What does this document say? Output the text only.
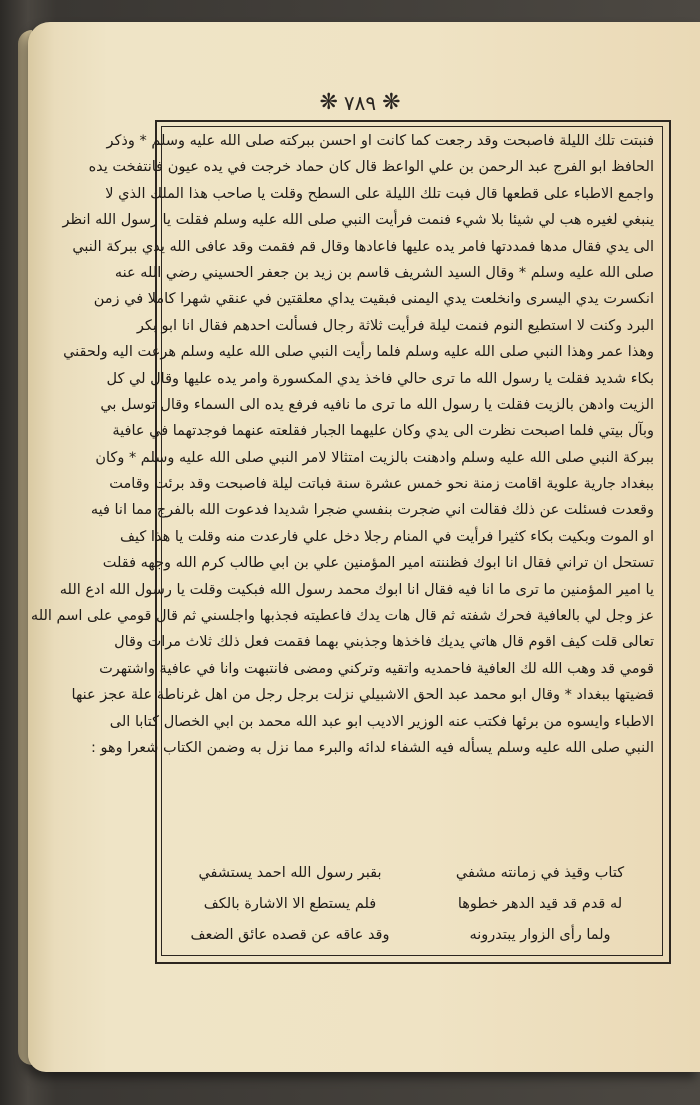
❋ ٧٨٩ ❋
فنبتت تلك الليلة فاصبحت وقد رجعت كما كانت او احسن ببركته صلى الله عليه وسلم * وذكر
الحافظ ابو الفرج عبد الرحمن بن علي الواعظ قال كان حماد خرجت في يده عيون فانتفخت يده
واجمع الاطباء على قطعها قال فبت تلك الليلة على السطح وقلت يا صاحب هذا الملك الذي لا
ينبغي لغيره هب لي شيئا بلا شيء فنمت فرأيت النبي صلى الله عليه وسلم فقلت يا رسول الله انظر
الى يدي فقال مدها فمددتها فامر يده عليها فاعادها وقال قم فقمت وقد عافى الله يدي ببركة النبي
صلى الله عليه وسلم * وقال السيد الشريف قاسم بن زيد بن جعفر الحسيني رضي الله عنه
انكسرت يدي اليسرى وانخلعت يدي اليمنى فبقيت يداي معلقتين في عنقي شهرا كاملا في زمن
البرد وكنت لا استطيع النوم فنمت ليلة فرأيت ثلاثة رجال فسألت احدهم فقال انا ابو بكر
وهذا عمر وهذا النبي صلى الله عليه وسلم فلما رأيت النبي صلى الله عليه وسلم هرعت اليه ولحقني
بكاء شديد فقلت يا رسول الله ما ترى حالي فاخذ يدي المكسورة وامر يده عليها وقال لي كل
الزيت وادهن بالزيت فقلت يا رسول الله ما ترى ما نافيه فرفع يده الى السماء وقال توسل بي
وبآل بيتي فلما اصبحت نظرت الى يدي وكان عليهما الجبار فقلعته عنهما فوجدتهما في عافية
ببركة النبي صلى الله عليه وسلم وادهنت بالزيت امتثالا لامر النبي صلى الله عليه وسلم * وكان
ببغداد جارية علوية اقامت زمنة نحو خمس عشرة سنة فباتت ليلة فاصبحت وقد برئت وقامت
وقعدت فسئلت عن ذلك فقالت اني ضجرت بنفسي ضجرا شديدا فدعوت الله بالفرج مما انا فيه
او الموت وبكيت بكاء كثيرا فرأيت في المنام رجلا دخل علي فارعدت منه وقلت يا هذا كيف
تستحل ان تراني فقال انا ابوك فظننته امير المؤمنين علي بن ابي طالب كرم الله وجهه فقلت
يا امير المؤمنين ما ترى ما انا فيه فقال انا ابوك محمد رسول الله فبكيت وقلت يا رسول الله ادع الله
عز وجل لي بالعافية فحرك شفته ثم قال هات يدك فاعطيته فجذبها واجلسني ثم قال قومي على اسم الله
تعالى قلت كيف اقوم قال هاتي يديك فاخذها وجذبني بهما فقمت فعل ذلك ثلاث مرات وقال
قومي قد وهب الله لك العافية فاحمديه واتقيه وتركني ومضى فانتبهت وانا في عافية واشتهرت
قضيتها ببغداد * وقال ابو محمد عبد الحق الاشبيلي نزلت برجل رجل من اهل غرناطة علة عجز عنها
الاطباء وايسوه من برئها فكتب عنه الوزير الاديب ابو عبد الله محمد بن ابي الخصال كتابا الى
النبي صلى الله عليه وسلم يسأله فيه الشفاء لدائه والبرء مما نزل به وضمن الكتاب شعرا وهو :
كتاب وقيذ في زمانته مشفي
بقبر رسول الله احمد يستشفي
له قدم قد قيد الدهر خطوها
فلم يستطع الا الاشارة بالكف
ولما رأى الزوار يبتدرونه
وقد عاقه عن قصده عائق الضعف
